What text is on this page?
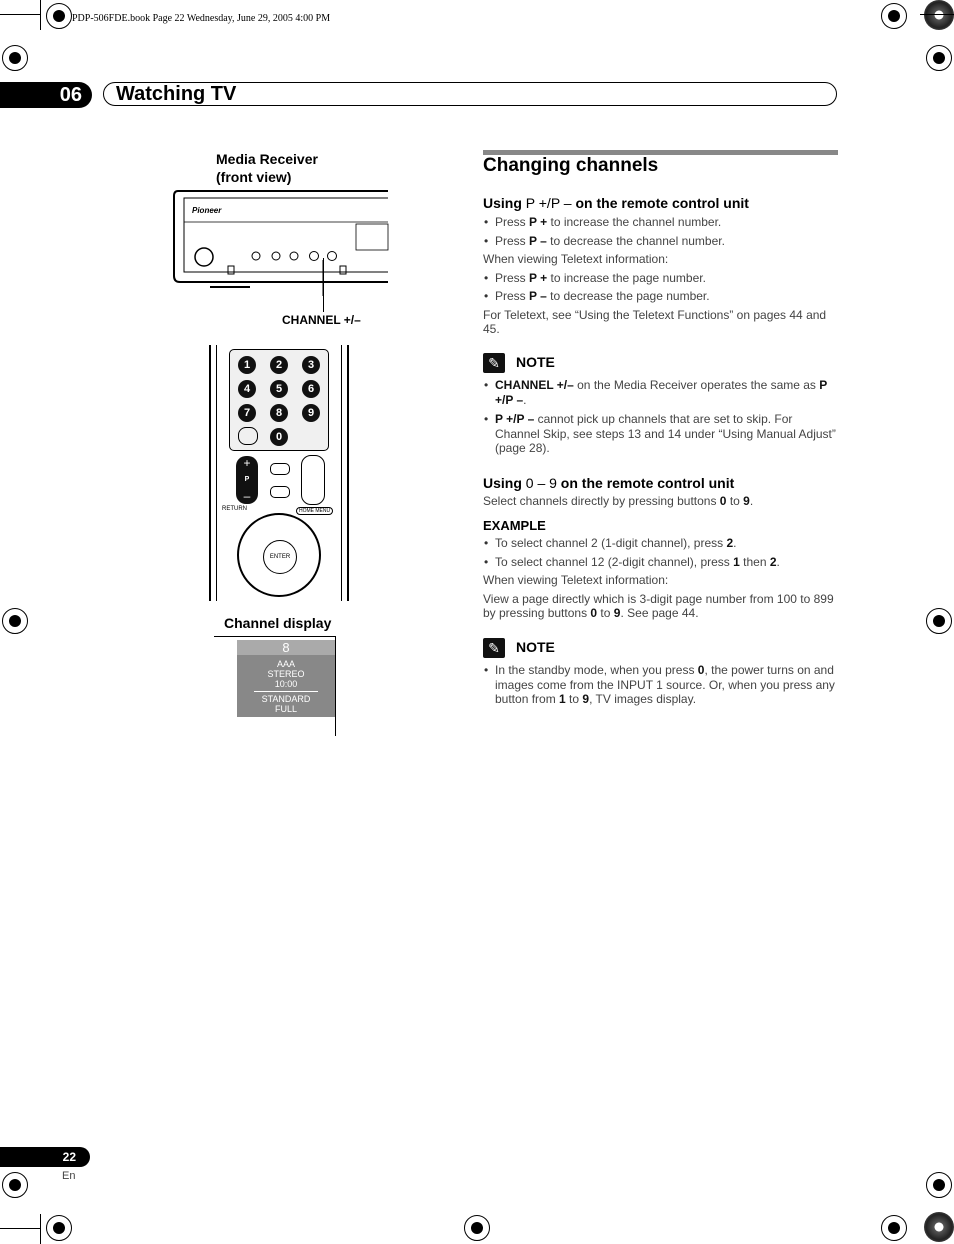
PDP-506FDE.book Page 22 Wednesday, June 29, 2005 4:00 PM
06	Watching TV
Media Receiver
(front view)
Pioneer
CHANNEL +/–
1	2	3
4	5	6
7	8	9
0
+
P
–
RETURN	HOME MENU
ENTER
Channel display
8
AAA
STEREO
10:00
STANDARD
FULL
Changing channels
Using P +/P – on the remote control unit
• Press P + to increase the channel number.
• Press P – to decrease the channel number.
When viewing Teletext information:
• Press P + to increase the page number.
• Press P – to decrease the page number.
For Teletext, see “Using the Teletext Functions” on pages 44 and 45.
✎	NOTE
• CHANNEL +/– on the Media Receiver operates the same as P +/P –.
• P +/P – cannot pick up channels that are set to skip. For Channel Skip, see steps 13 and 14 under “Using Manual Adjust” (page 28).
Using 0 – 9 on the remote control unit
Select channels directly by pressing buttons 0 to 9.
EXAMPLE
• To select channel 2 (1-digit channel), press 2.
• To select channel 12 (2-digit channel), press 1 then 2.
When viewing Teletext information:
View a page directly which is 3-digit page number from 100 to 899 by pressing buttons 0 to 9. See page 44.
✎	NOTE
• In the standby mode, when you press 0, the power turns on and images come from the INPUT 1 source. Or, when you press any button from 1 to 9, TV images display.
22
En
